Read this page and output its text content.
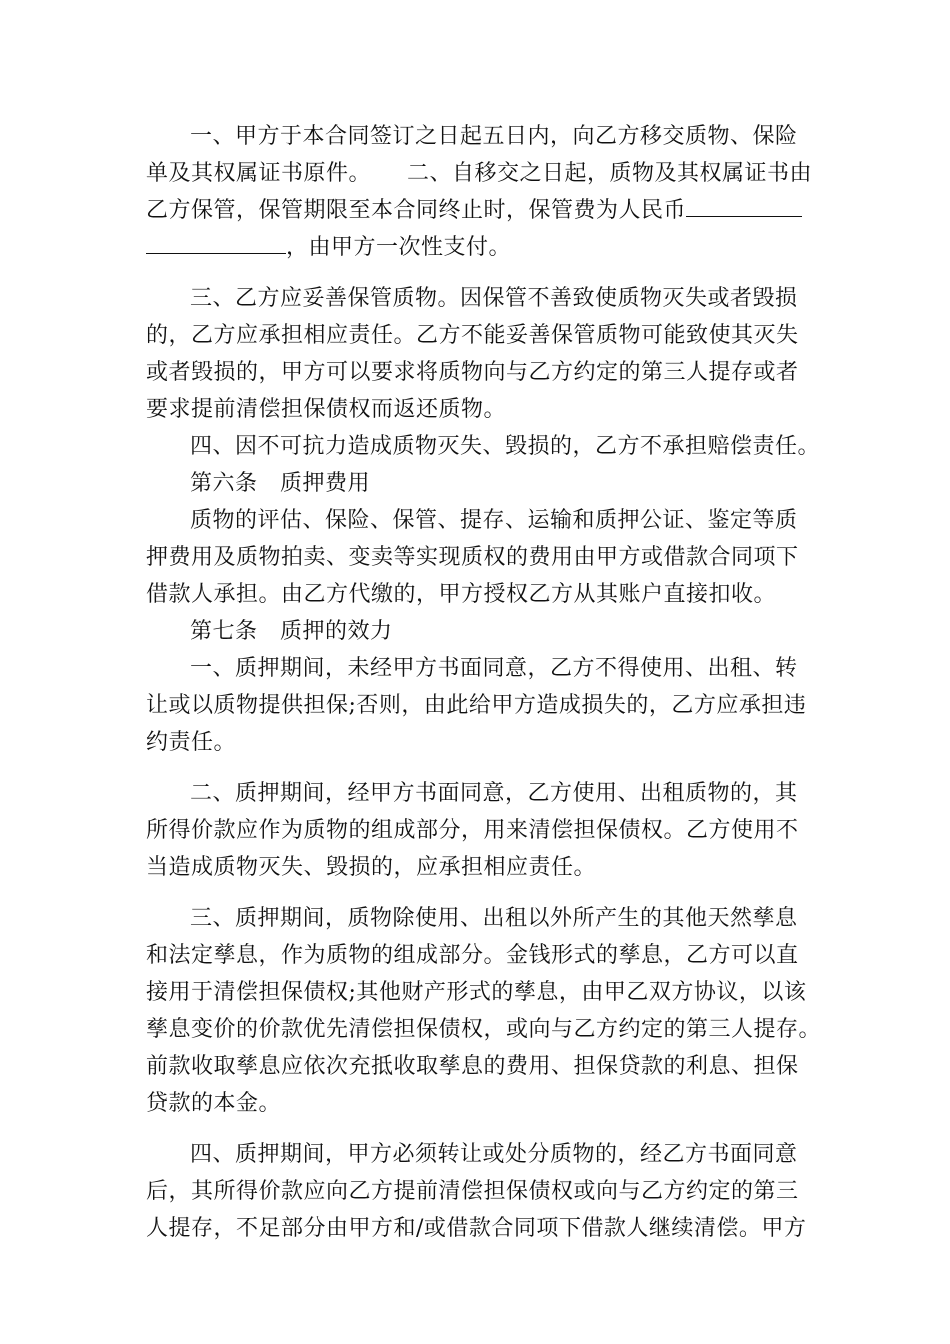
一、甲方于本合同签订之日起五日内，向乙方移交质物、保险
单及其权属证书原件。 二、自移交之日起，质物及其权属证书由
乙方保管，保管期限至本合同终止时，保管费为人民币
，由甲方一次性支付。
三、乙方应妥善保管质物。因保管不善致使质物灭失或者毁损
的，乙方应承担相应责任。乙方不能妥善保管质物可能致使其灭失
或者毁损的，甲方可以要求将质物向与乙方约定的第三人提存或者
要求提前清偿担保债权而返还质物。
四、因不可抗力造成质物灭失、毁损的，乙方不承担赔偿责任。
第六条　质押费用
质物的评估、保险、保管、提存、运输和质押公证、鉴定等质
押费用及质物拍卖、变卖等实现质权的费用由甲方或借款合同项下
借款人承担。由乙方代缴的，甲方授权乙方从其账户直接扣收。
第七条　质押的效力
一、质押期间，未经甲方书面同意，乙方不得使用、出租、转
让或以质物提供担保;否则，由此给甲方造成损失的，乙方应承担违
约责任。
二、质押期间，经甲方书面同意，乙方使用、出租质物的，其
所得价款应作为质物的组成部分，用来清偿担保债权。乙方使用不
当造成质物灭失、毁损的，应承担相应责任。
三、质押期间，质物除使用、出租以外所产生的其他天然孳息
和法定孳息，作为质物的组成部分。金钱形式的孳息，乙方可以直
接用于清偿担保债权;其他财产形式的孳息，由甲乙双方协议，以该
孳息变价的价款优先清偿担保债权，或向与乙方约定的第三人提存。
前款收取孳息应依次充抵收取孳息的费用、担保贷款的利息、担保
贷款的本金。
四、质押期间，甲方必须转让或处分质物的，经乙方书面同意
后，其所得价款应向乙方提前清偿担保债权或向与乙方约定的第三
人提存，不足部分由甲方和/或借款合同项下借款人继续清偿。甲方
